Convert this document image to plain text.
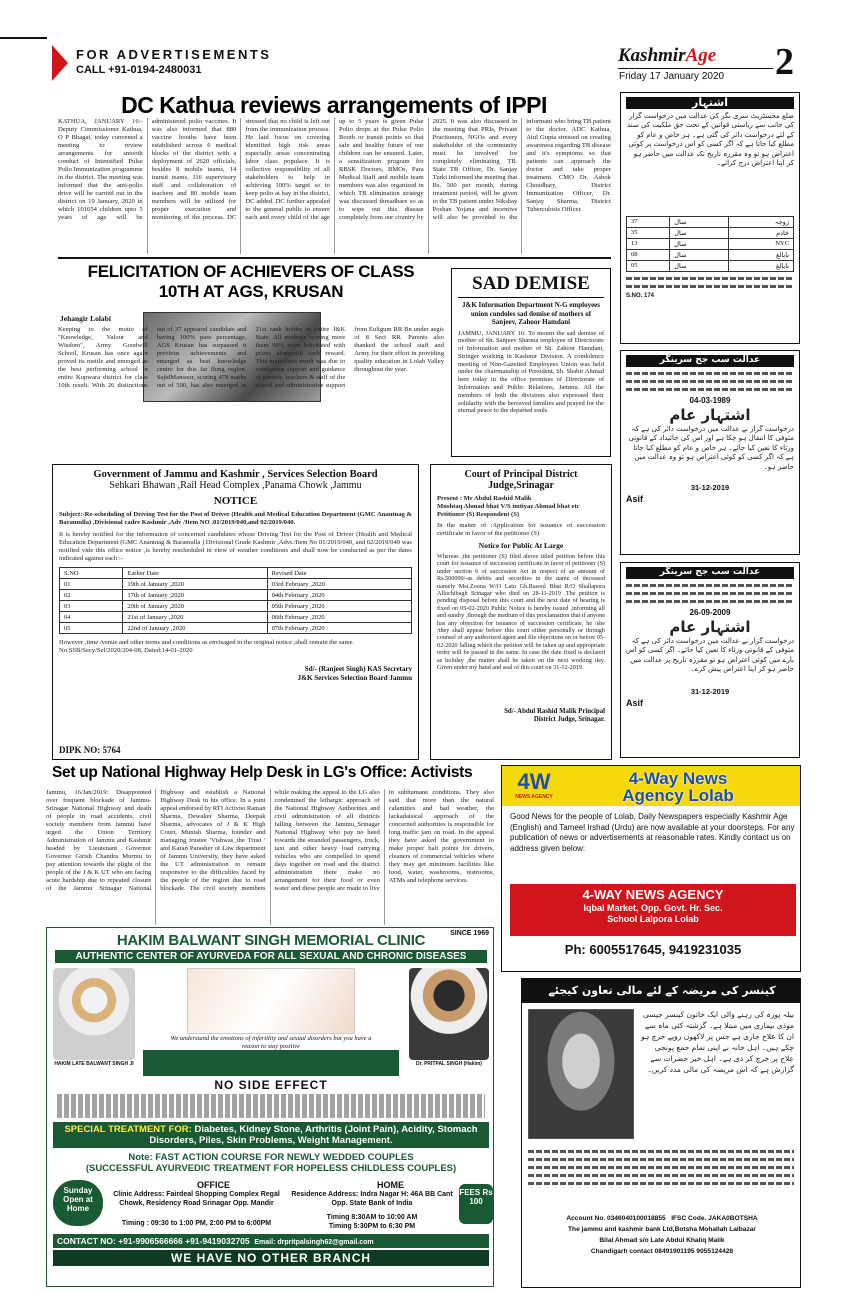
FOR ADVERTISEMENTS
CALL +91-0194-2480031
KashmirAge
Friday 17 January 2020 2
DC Kathua reviews arrangements of IPPI
KATHUA, JANUARY 16:- Deputy Commissioner Kathua, O P Bhagat, today convened a meeting to review arrangements for smooth conduct of Intensified Pulse Polio Immunization programme in the district. The meeting was informed that the anti-polio drive will be carried out in the district on 19 January, 2020 in which 101654 children upto 5 years of age will be administered polio vaccines. It was also informed that 880 vaccine booths have been established across 6 medical blocks of the district with a deployment of 2620 officials, besides 8 mobile teams, 14 transit teams, 116 supervisory staff and collaboration of teachers and 80 mobile team members will be utilized for proper execution and monitoring of the process. DC stressed that no child is left out from the immunization process. He laid focus on covering identified high risk areas especially areas concentrating labor class populace. It is collective responsibility of all stakeholders to help in achieving 100% target so to keep polio at bay in the district, DC added. DC further appealed to the general public to ensure each and every child of the age up to 5 years is given Pulse Polio drops at the Pulse Polio Booth or transit points so that safe and healthy future of our children can be ensured. Later, a sensitization program for RBSK Doctors, BMOs, Para Medical Staff and mobile team members was also organized in which TB elimination strategy was discussed threadbare so as to wipe out this disease completely from our country by 2025. It was also discussed in the meeting that PRIs, Private Practioners, NGOs and every stakeholder of the community must be involved for completely eliminating TB. State TB Officer, Dr. Sanjay Turki informed the meeting that Rs. 500 per month, during treatment period, will be given to the TB patient under Nikshay Poshan Yojana and incentive will also be provided to the informant who bring TB patient to the doctor. ADC Kathua, Atul Gupta stressed on creating awareness regarding TB disease and it's symptoms so that patients can approach the doctor and take proper treatment. CMO Dr. Ashok Choudhary, District Immunization Officer, Dr. Sanjay Sharma, District Tuberculosis Officer.
FELICITATION OF ACHIEVERS OF CLASS
10TH AT AGS, KRUSAN
Jehangir Lolabi
Keeping to the motto of "Knowledge, Valour and Wisdom", Army Goodwill School, Krusan has once again proved its mettle and emerged as the best performing school in entire Kupwara district for class 10th result. With 26 distinctions out of 37 appeared candidate and having 100% pass percentage, AGS Krusan has surpassed it previous achievements and emerged as best knowledge centre for this far flung region. SajidMansoor, scoring 478 marks out of 500, has also emerged as 21st rank holder in entire J&K State. All students scoring more them 90% were felicitated with prizes alongwith cash reward. This marvelous result was due to continuous support and guidance of parents, teachers & staff of the school and administrative support from Euligum RR Bn under aegis of 8 Sect RR. Parents also thanked the school staff and Army for their effort in providing quality education in Lolab Valley throughout the year.
SAD DEMISE
J&K Information Department N-G employees union condoles sad demise of mothers of Sanjeev, Zahoor Hamdani
JAMMU, JANUARY 16: To mourn the sad demise of mother of Sh. Sanjeev Sharma employee of Directorate of Information and mother of Sh. Zahoor Hamdani, Stringer working in Kashmir Division. A condolence meeting of Non-Gazetted Employees Union was held under the chairmanship of President, Sh. Shabir Ahmad here today in the office premises of Directorate of Information and Public Relations, Jammu. All the members of both the divisions also expressed their solidarity with the bereaved families and prayed for the eternal peace to the departed souls
Government of Jammu and Kashmir , Services Selection Board
Sehkari Bhawan ,Rail Head Complex ,Panama Chowk ,Jammu
NOTICE
Subject:-Re-scheduling of Driving Test for the Post of Driver (Health and Medical Education Department (GMC Anantnag & Baramulla) ,Divisional cadre Kashmir ,Adv /Item NO .01/2019/040,and 02/2019/040.
It is hereby notified for the information of concerned candidates whose Driving Test for the Post of Driver (Health and Medical Education Department (GMC Anantnag & Baramulla ) Divisional Grade Kashmir ,Advt./Item No 01/2019/040, and 02/2019/040 was notified vide this office notice ,is hereby rescheduled in view of weather conditions and shall now be conducted as per the dates indicated against each :-
S.NO	Earlier Date	Revised Date
01	19th of January ,2020	03rd February ,2020
02	17th of January ,2020	04th February ,2020
03	20th of January ,2020	05th February ,2020
04	21st of January ,2020	06th February ,2020
05	22nd of January ,2020	07th February ,2020
However ,time /venue and other terms and conditions as envisaged in the original notice ,shall remain the same.
No.SSB/Secy/Sel/2020/204-08, Dated:14-01-2020
Sd/- (Ranjeet Singh) KAS Secretary
J&K Services Selection Board Jammu
DIPK NO: 5764
Court of Principal District
Judge,Srinagar
Present : Mr Abdul Rashid Malik
Mushtaq Ahmad bhat V/S imtiyaz Ahmad bhat etc
Petitioner (S) Respondent (S)
In the matter of :Application for issuance of succession certificate in favor of the petitioner (S)
Notice for Public At Large
Whereas ,the petitioner (S) filed above titled petition before this court for issuance of succession certificate in favor of petitioner (S) under section 6 of succession Act in respect of an amount of Rs.500000/-as debits and securities in the name of deceased namely Mst.Zoona W/O Lato Gh.Rasool Bhat R/O Shallapora Allochibagh Srinagar who died on 28-11-2019 .The petition is pending disposal before this court and the next date of hearing is fixed on 05-02-2020 Public Notice is hereby issued ,informing all and sundry ,through the medium of this proclamation that if anyone has any objection for issuance of succession certificate, he /she /they shall appear before this court either personally or through counsel of any authorized agent and file objections on or before 05-02-2020 falling which the petition will be taken up and appropriate order will be passed in the same. In case the date fixed is declared as holiday ,the matter shall be taken on the next working day. Given under my hand and seal of this court on 31-12-2019.
Sd/- Abdul Rashid Malik Principal
District Judge, Srinagar.
Set up National Highway Help Desk in LG's Office: Activists
Jammu, 16/Jan/2019: Disappointed over frequent blockade of Jammu-Srinagar National Highway and death of people in road accidents, civil society members from Jammu have urged the Union Territory Administration of Jammu and Kashmir headed by Lieutenant Governor Governor Girish Chandra Murmu to pay attention towards the plight of the people of the J & K UT who are facing acute hardship due to repeated closure of the Jammu Srinagar National Highway and establish a National Highway Desk in his office. In a joint appeal endorsed by RTI Activist Raman Sharma, Dewaker Sharma, Deepak Sharma, advocates of J & K High Court, Munish Sharma, founder and managing trustee 'Vishwas_the Trust ' and Karan Parasher of Law department of Jammu University, they have asked the UT administration to remain responsive to the difficulties faced by the people of the region due to road blockade. The civil society members while making the appeal to the LG also condemned the lethargic approach of the National Highway Authorities and civil administration of all districts falling between the Jammu_Srinagar National Highway who pay no heed towards the stranded passengers, truck, taxi and other heavy load carrying vehicles who are compelled to spend days together on road and the district administration there make no arrangement for their food or even water and these people are made to live in subhumane conditions. They also said that more than the natural calamities and bad weather, the lackadaisical approach of the concerned authorities is responsible for long traffic jam on road. In the appeal they have asked the government to make proper halt points for drivers, cleaners of commercial vehicles where they may get minimum facilities like food, water, washrooms, restrooms, ATMs and telephone services.
SINCE 1969
HAKIM BALWANT SINGH MEMORIAL CLINIC
AUTHENTIC CENTER OF AYURVEDA FOR ALL SEXUAL AND CHRONIC DISEASES
We understand the emotions of infertility and sexual disorders but you have a reason to stay positive
HAKIM LATE BALWANT SINGH JI	Dr. PRITPAL SINGH (Hakim)
NO SIDE EFFECT
SPECIAL TREATMENT FOR: Diabetes, Kidney Stone, Arthritis (Joint Pain), Acidity, Stomach Disorders, Piles, Skin Problems, Weight Management.
Note: FAST ACTION COURSE FOR NEWLY WEDDED COUPLES
(SUCCESSFUL AYURVEDIC TREATMENT FOR HOPELESS CHILDLESS COUPLES)
Sunday Open at Home
OFFICE	HOME
Clinic Address: Fairdeal Shopping Complex Regal Chowk, Residency Road Srinagar Opp. Mandir
Residence Address: Indra Nagar H: 46A BB Cant Opp. State Bank of India
Timing : 09:30 to 1:00 PM, 2:00 PM to 6:00PM
Timing 8:30AM to 10:00 AM
Timing 5:30PM to 6:30 PM
FEES Rs 100
CONTACT NO: +91-9906566666 +91-9419032705 Email: drpritpalsingh62@gmail.com
WE HAVE NO OTHER BRANCH
اشتہار
ضلع مجسٹریٹ سری نگر کی عدالت میں درخواست گزار کی جانب سے ریاستی قوانین کے تحت حق ملکیت کی سند کے لئے درخواست دائر کی گئی ہے۔ ہر خاص و عام کو مطلع کیا جاتا ہے کہ اگر کسی کو اس درخواست پر کوئی اعتراض ہو تو وہ مقررہ تاریخ تک عدالت میں حاضر ہو کر اپنا اعتراض درج کرائے۔
37	سال	زوجہ
35	سال	خادم
13	سال	NYC
08	سال	نابالغ
05	سال	نابالغ
S.NO. 174
عدالت سب جج سرینگر
04-03-1989
اشتہار عام
درخواست گزار نے عدالت میں درخواست دائر کی ہے کہ متوفی کا انتقال ہو چکا ہے اور اس کی جائیداد کے قانونی ورثاء کا تعین کیا جائے۔ ہر خاص و عام کو مطلع کیا جاتا ہے کہ اگر کسی کو کوئی اعتراض ہو تو وہ عدالت میں حاضر ہو۔
31-12-2019
Asif
عدالت سب جج سرینگر
26-09-2009
اشتہار عام
درخواست گزار نے عدالت میں درخواست دائر کی ہے کہ متوفی کے قانونی ورثاء کا تعین کیا جائے۔ اگر کسی کو اس بارے میں کوئی اعتراض ہو تو مقررہ تاریخ پر عدالت میں حاضر ہو کر اپنا اعتراض پیش کرے۔
31-12-2019
Asif
4W
NEWS AGENCY
4-Way News
Agency Lolab
Good News for the people of Lolab, Daily Newspapers especially Kashmir Age (English) and Tameel Irshad (Urdu) are now available at your doorsteps. For any publication of news or advertisements at reasonable rates. Kindly contact us on address given below:
4-WAY NEWS AGENCY
Iqbal Market, Opp. Govt. Hr. Sec.
School Lalpora Lolab
Ph: 6005517645, 9419231035
کینسر کی مریضہ کے لئے مالی تعاون کیجئے
بیلہ پورہ کی رہنے والی ایک خاتون کینسر جیسی موذی بیماری میں مبتلا ہے۔ گزشتہ کئی ماہ سے ان کا علاج جاری ہے جس پر لاکھوں روپے خرچ ہو چکے ہیں۔ اہل خانہ نے اپنی تمام جمع پونجی علاج پر خرچ کر دی ہے۔ اہل خیر حضرات سے گزارش ہے کہ اس مریضہ کی مالی مدد کریں۔
Account No. 0346040100018855 IFSC Code. JAKA0BOTSHA
The jammu and kashmir bank Ltd,Botsha Mohallah Lalbazar
Bilal Ahmad s/o Late Abdul Khaliq Malik
Chandigarh contact 08491901195 9055124428
